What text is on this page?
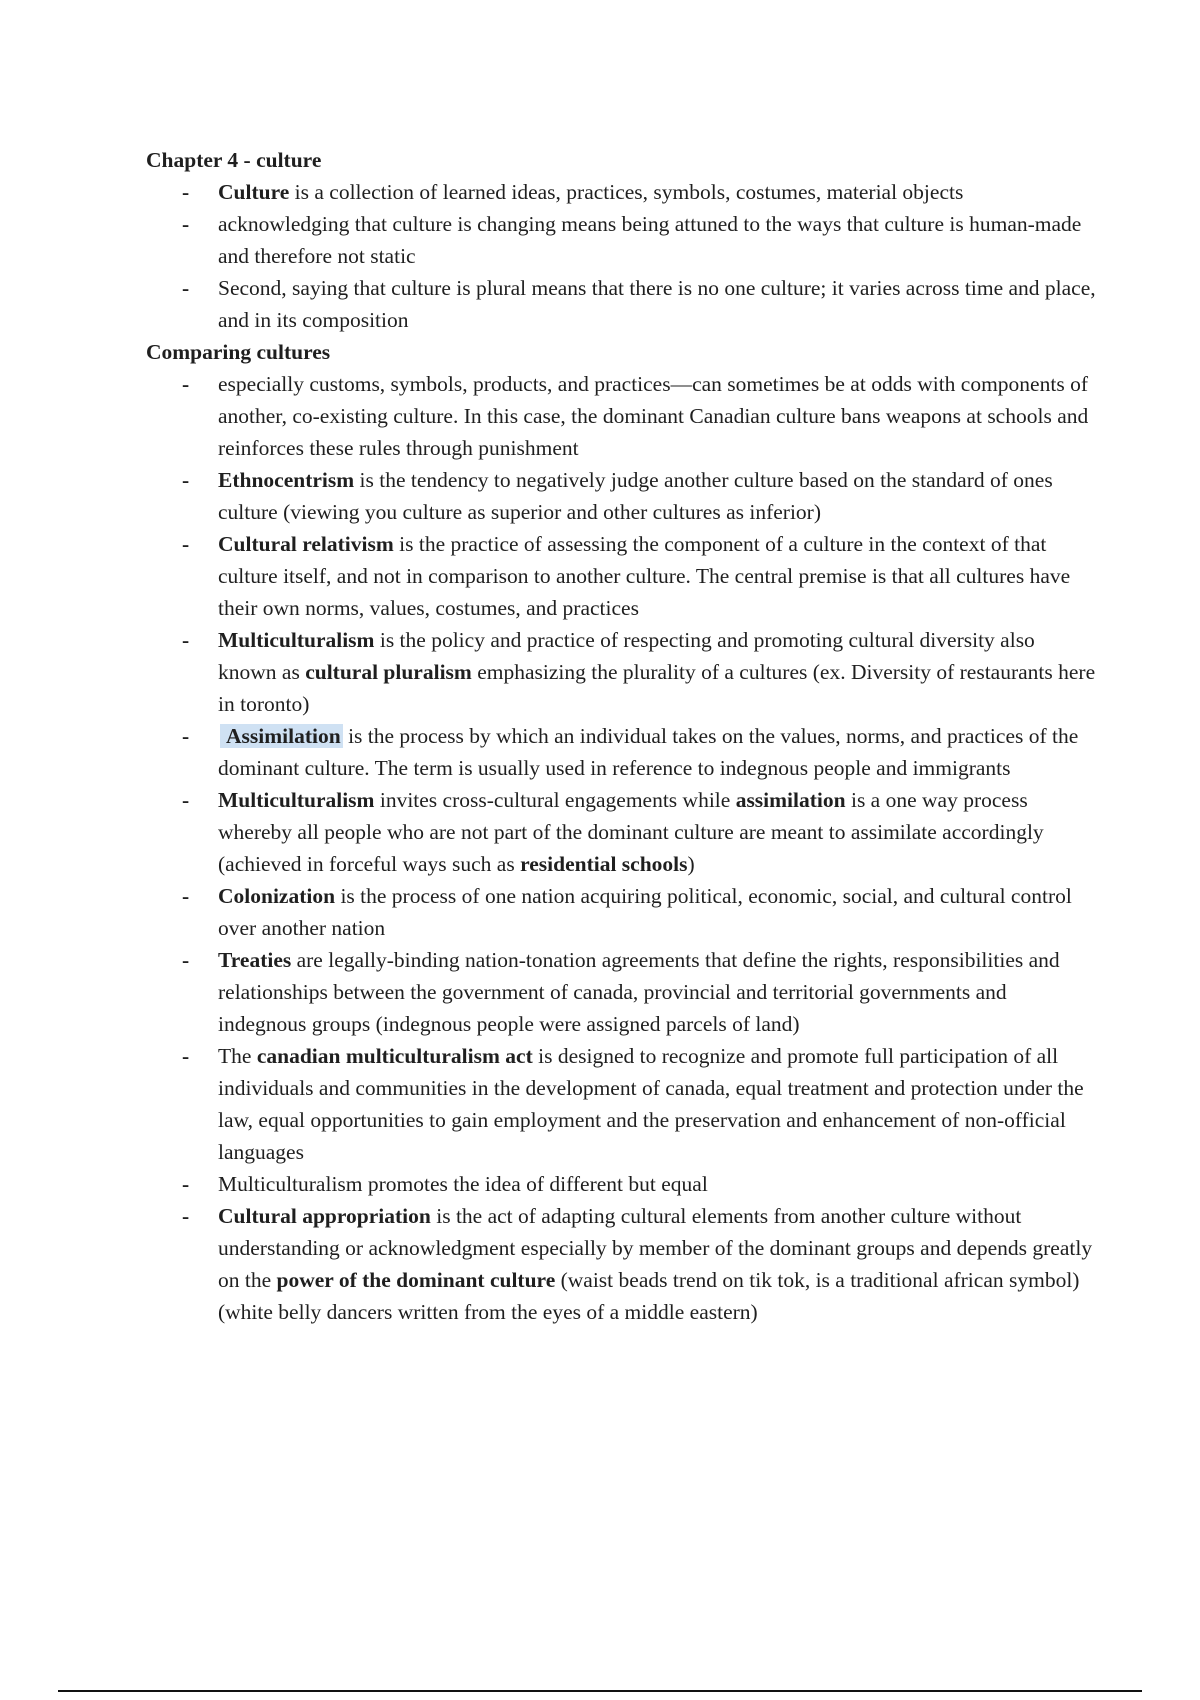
Chapter 4 - culture

- Culture is a collection of learned ideas, practices, symbols, costumes, material objects
- acknowledging that culture is changing means being attuned to the ways that culture is human-made and therefore not static
- Second, saying that culture is plural means that there is no one culture; it varies across time and place, and in its composition

Comparing cultures

- especially customs, symbols, products, and practices—can sometimes be at odds with components of another, co-existing culture. In this case, the dominant Canadian culture bans weapons at schools and reinforces these rules through punishment
- Ethnocentrism is the tendency to negatively judge another culture based on the standard of ones culture (viewing you culture as superior and other cultures as inferior)
- Cultural relativism is the practice of assessing the component of a culture in the context of that culture itself, and not in comparison to another culture. The central premise is that all cultures have their own norms, values, costumes, and practices
- Multiculturalism is the policy and practice of respecting and promoting cultural diversity also known as cultural pluralism emphasizing the plurality of a cultures (ex. Diversity of restaurants here in toronto)
- Assimilation is the process by which an individual takes on the values, norms, and practices of the dominant culture. The term is usually used in reference to indegnous people and immigrants
- Multiculturalism invites cross-cultural engagements while assimilation is a one way process whereby all people who are not part of the dominant culture are meant to assimilate accordingly (achieved in forceful ways such as residential schools)
- Colonization is the process of one nation acquiring political, economic, social, and cultural control over another nation
- Treaties are legally-binding nation-tonation agreements that define the rights, responsibilities and relationships between the government of canada, provincial and territorial governments and indegnous groups (indegnous people were assigned parcels of land)
- The canadian multiculturalism act is designed to recognize and promote full participation of all individuals and communities in the development of canada, equal treatment and protection under the law, equal opportunities to gain employment and the preservation and enhancement of non-official languages
- Multiculturalism promotes the idea of different but equal
- Cultural appropriation is the act of adapting cultural elements from another culture without understanding or acknowledgment especially by member of the dominant groups and depends greatly on the power of the dominant culture (waist beads trend on tik tok, is a traditional african symbol) (white belly dancers written from the eyes of a middle eastern)
